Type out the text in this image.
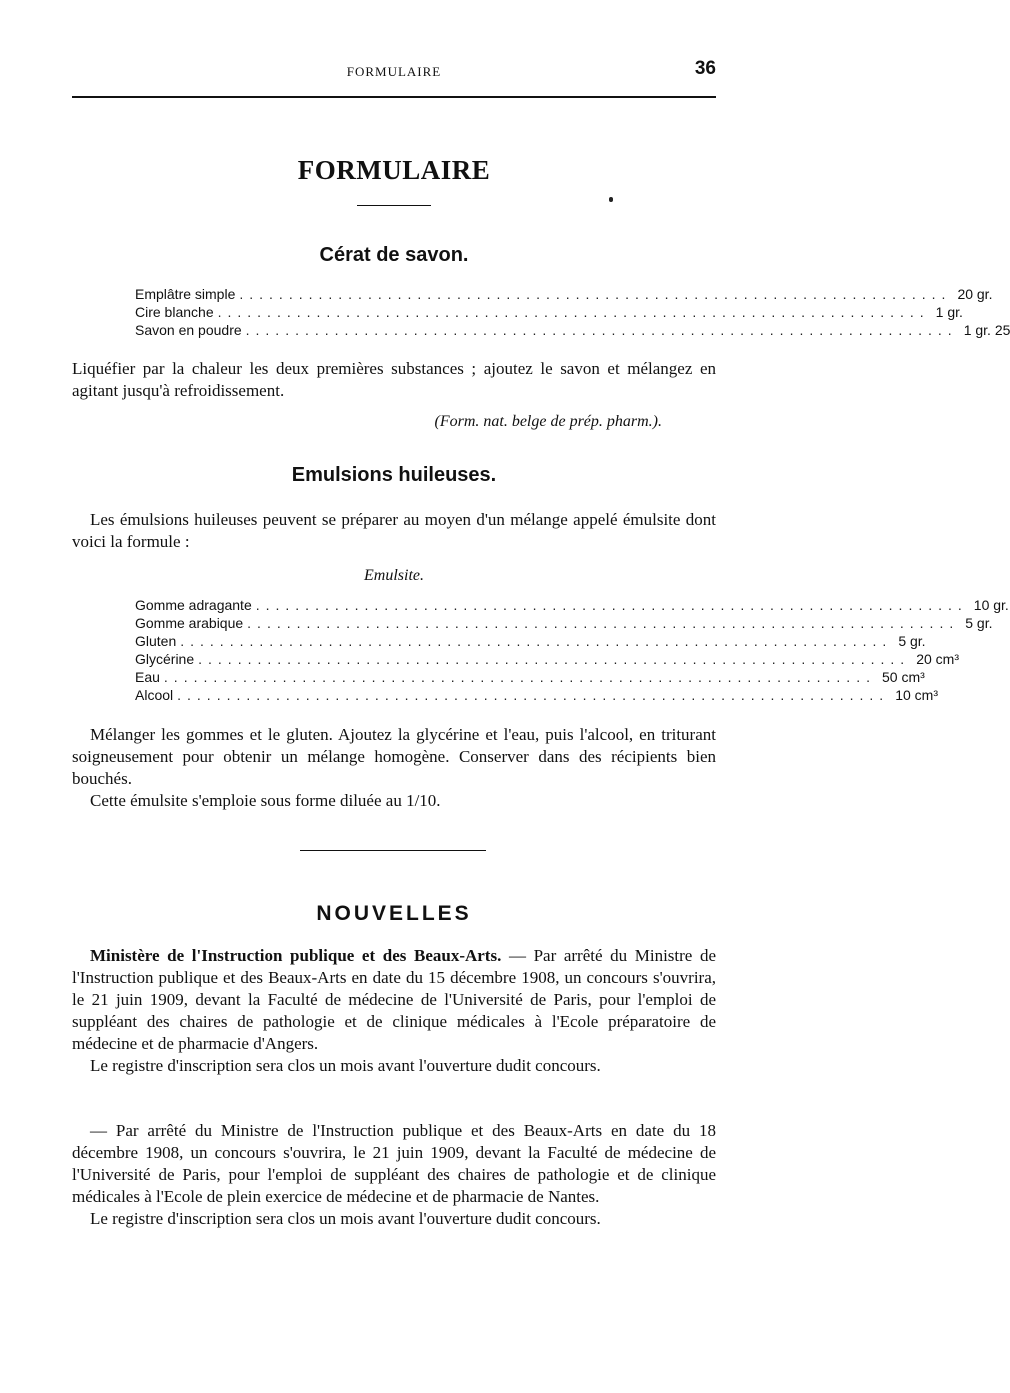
FORMULAIRE	36
FORMULAIRE
Cérat de savon.
Emplâtre simple ........................................................................ 20 gr.
Cire blanche ........................................................................ 1 gr.
Savon en poudre ........................................................................ 1 gr. 25

Liquéfier par la chaleur les deux premières substances ; ajoutez le savon et mélangez en agitant jusqu'à refroidissement.

(Form. nat. belge de prép. pharm.).
Emulsions huileuses.

Les émulsions huileuses peuvent se préparer au moyen d'un mélange appelé émulsite dont voici la formule :

Emulsite.
Gomme adragante ........................................................................ 10 gr.
Gomme arabique ........................................................................ 5 gr.
Gluten ........................................................................ 5 gr.
Glycérine ........................................................................ 20 cm³
Eau ........................................................................ 50 cm³
Alcool ........................................................................ 10 cm³

Mélanger les gommes et le gluten. Ajoutez la glycérine et l'eau, puis l'alcool, en triturant soigneusement pour obtenir un mélange homogène. Conserver dans des récipients bien bouchés.

Cette émulsite s'emploie sous forme diluée au 1/10.

NOUVELLES

Ministère de l'Instruction publique et des Beaux-Arts. — Par arrêté du Ministre de l'Instruction publique et des Beaux-Arts en date du 15 décembre 1908, un concours s'ouvrira, le 21 juin 1909, devant la Faculté de médecine de l'Université de Paris, pour l'emploi de suppléant des chaires de pathologie et de clinique médicales à l'Ecole préparatoire de médecine et de pharmacie d'Angers.

Le registre d'inscription sera clos un mois avant l'ouverture dudit concours.

— Par arrêté du Ministre de l'Instruction publique et des Beaux-Arts en date du 18 décembre 1908, un concours s'ouvrira, le 21 juin 1909, devant la Faculté de médecine de l'Université de Paris, pour l'emploi de suppléant des chaires de pathologie et de clinique médicales à l'Ecole de plein exercice de médecine et de pharmacie de Nantes.

Le registre d'inscription sera clos un mois avant l'ouverture dudit concours.
